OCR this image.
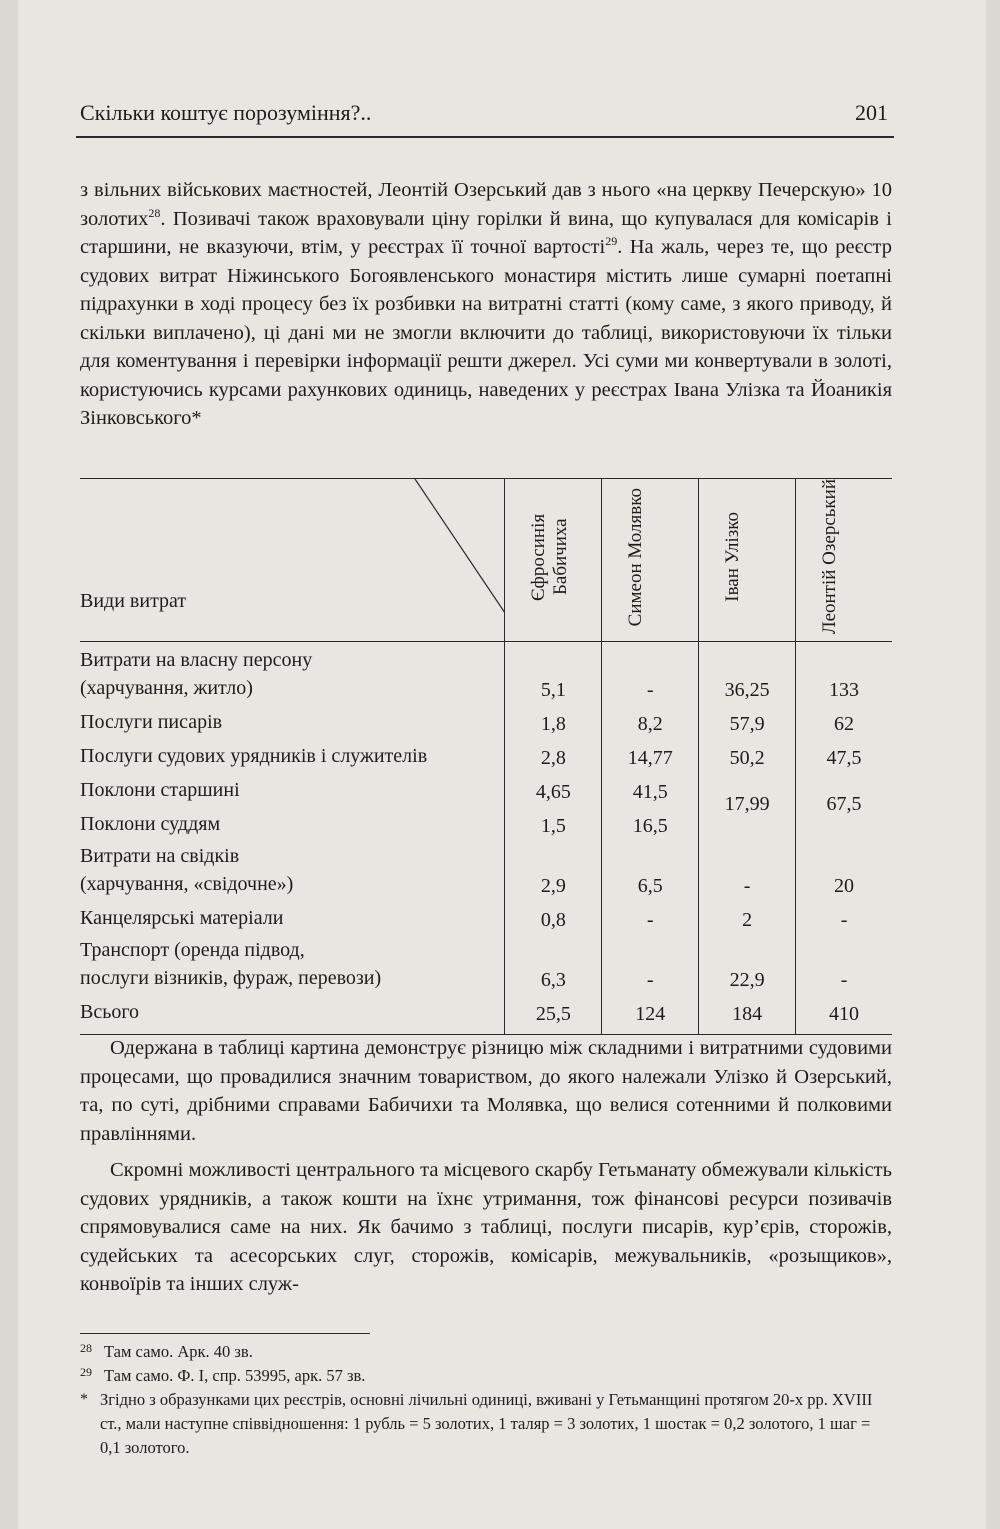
Скільки коштує порозуміння?..	201

з вільних військових маєтностей, Леонтій Озерський дав з нього «на церкву Печерскую» 10 золотих$^{28}$. Позивачі також враховували ціну горілки й вина, що купувалася для комісарів і старшини, не вказуючи, втім, у реєстрах її точної вартості$^{29}$. На жаль, через те, що реєстр судових витрат Ніжинського Богоявленського монастиря містить лише сумарні поетапні підрахунки в ході процесу без їх розбивки на витратні статті (кому саме, з якого приводу, й скільки виплачено), ці дані ми не змогли включити до таблиці, використовуючи їх тільки для коментування і перевірки інформації решти джерел. Усі суми ми конвертували в золоті, користуючись курсами рахункових одиниць, наведених у реєстрах Івана Улізка та Йоаникія Зінковського*

Види витрат	Єфросинія Бабичиха	Симеон Молявко	Іван Улізко	Леонтій Озерський
Витрати на власну персону
(харчування, житло)	5,1	-	36,25	133
Послуги писарів	1,8	8,2	57,9	62
Послуги судових урядників і служителів	2,8	14,77	50,2	47,5
Поклони старшині	4,65	41,5	17,99	67,5
Поклони суддям	1,5	16,5		
Витрати на свідків
(харчування, «свідочне»)	2,9	6,5	-	20
Канцелярські матеріали	0,8	-	2	-
Транспорт (оренда підвод,
послуги візників, фураж, перевози)	6,3	-	22,9	-
Всього	25,5	124	184	410

Одержана в таблиці картина демонструє різницю між складними і витратними судовими процесами, що провадилися значним товариством, до якого належали Улізко й Озерський, та, по суті, дрібними справами Бабичихи та Молявка, що велися сотенними й полковими правліннями.

Скромні можливості центрального та місцевого скарбу Гетьманату обмежували кількість судових урядників, а також кошти на їхнє утримання, тож фінансові ресурси позивачів спрямовувалися саме на них. Як бачимо з таблиці, послуги писарів, кур’єрів, сторожів, судейських та асесорських слуг, сторожів, комісарів, межувальників, «розыщиков», конвоїрів та інших служ-

28 Там само. Арк. 40 зв.
29 Там само. Ф. І, спр. 53995, арк. 57 зв.
* Згідно з образунками цих реєстрів, основні лічильні одиниці, вживані у Гетьманщині протягом 20-х рр. XVIII ст., мали наступне співвідношення: 1 рубль = 5 золотих, 1 таляр = 3 золотих, 1 шостак = 0,2 золотого, 1 шаг = 0,1 золотого.
